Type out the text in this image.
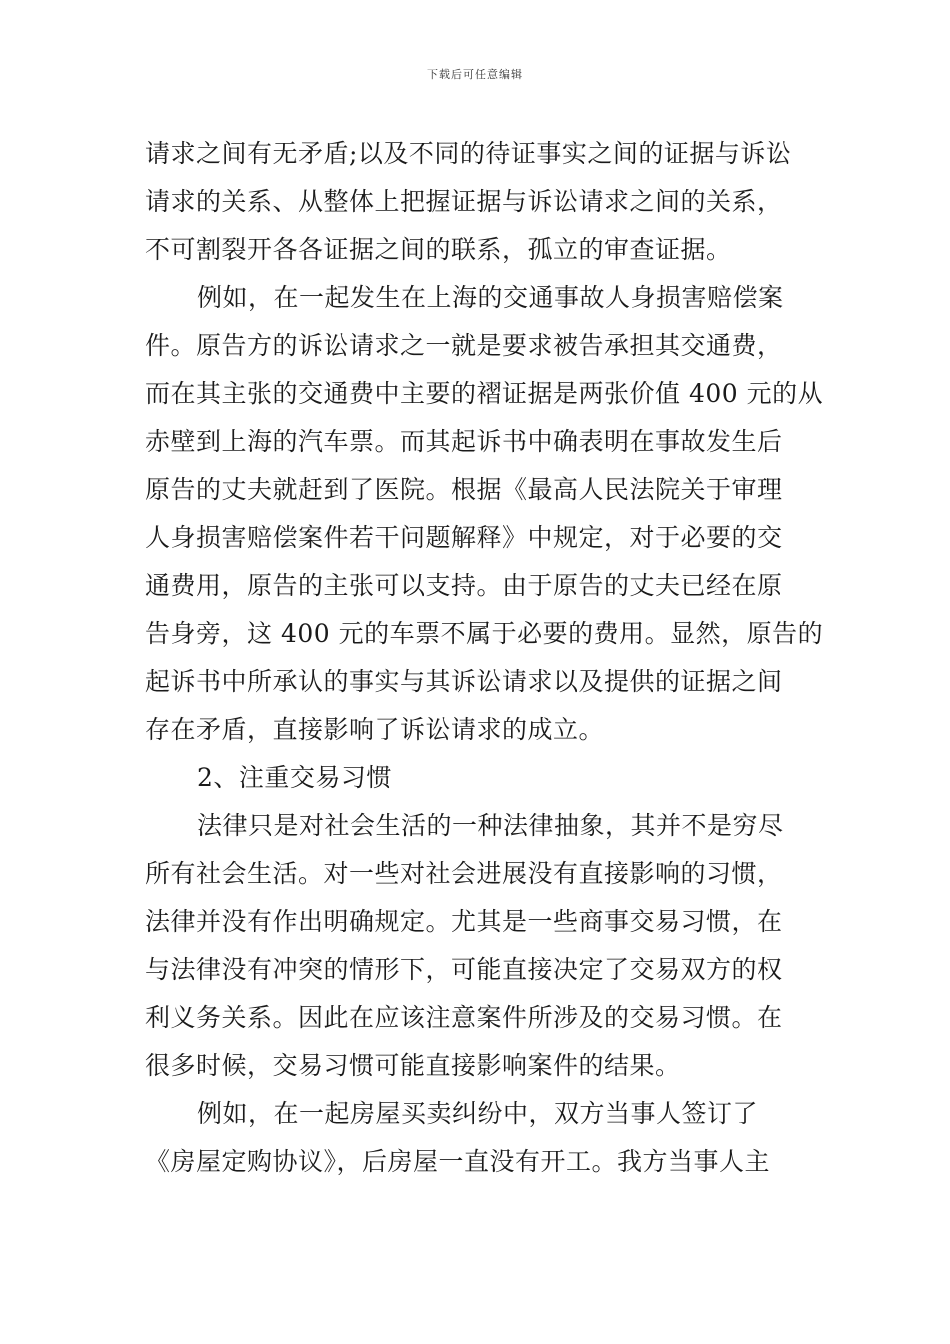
下载后可任意编辑
请求之间有无矛盾;以及不同的待证事实之间的证据与诉讼
请求的关系、从整体上把握证据与诉讼请求之间的关系，
不可割裂开各各证据之间的联系，孤立的审查证据。
例如，在一起发生在上海的交通事故人身损害赔偿案
件。原告方的诉讼请求之一就是要求被告承担其交通费，
而在其主张的交通费中主要的褶证据是两张价值 400 元的从
赤壁到上海的汽车票。而其起诉书中确表明在事故发生后
原告的丈夫就赶到了医院。根据《最高人民法院关于审理
人身损害赔偿案件若干问题解释》中规定，对于必要的交
通费用，原告的主张可以支持。由于原告的丈夫已经在原
告身旁，这 400 元的车票不属于必要的费用。显然，原告的
起诉书中所承认的事实与其诉讼请求以及提供的证据之间
存在矛盾，直接影响了诉讼请求的成立。
2、注重交易习惯
法律只是对社会生活的一种法律抽象，其并不是穷尽
所有社会生活。对一些对社会进展没有直接影响的习惯，
法律并没有作出明确规定。尤其是一些商事交易习惯，在
与法律没有冲突的情形下，可能直接决定了交易双方的权
利义务关系。因此在应该注意案件所涉及的交易习惯。在
很多时候，交易习惯可能直接影响案件的结果。
例如，在一起房屋买卖纠纷中，双方当事人签订了
《房屋定购协议》，后房屋一直没有开工。我方当事人主
